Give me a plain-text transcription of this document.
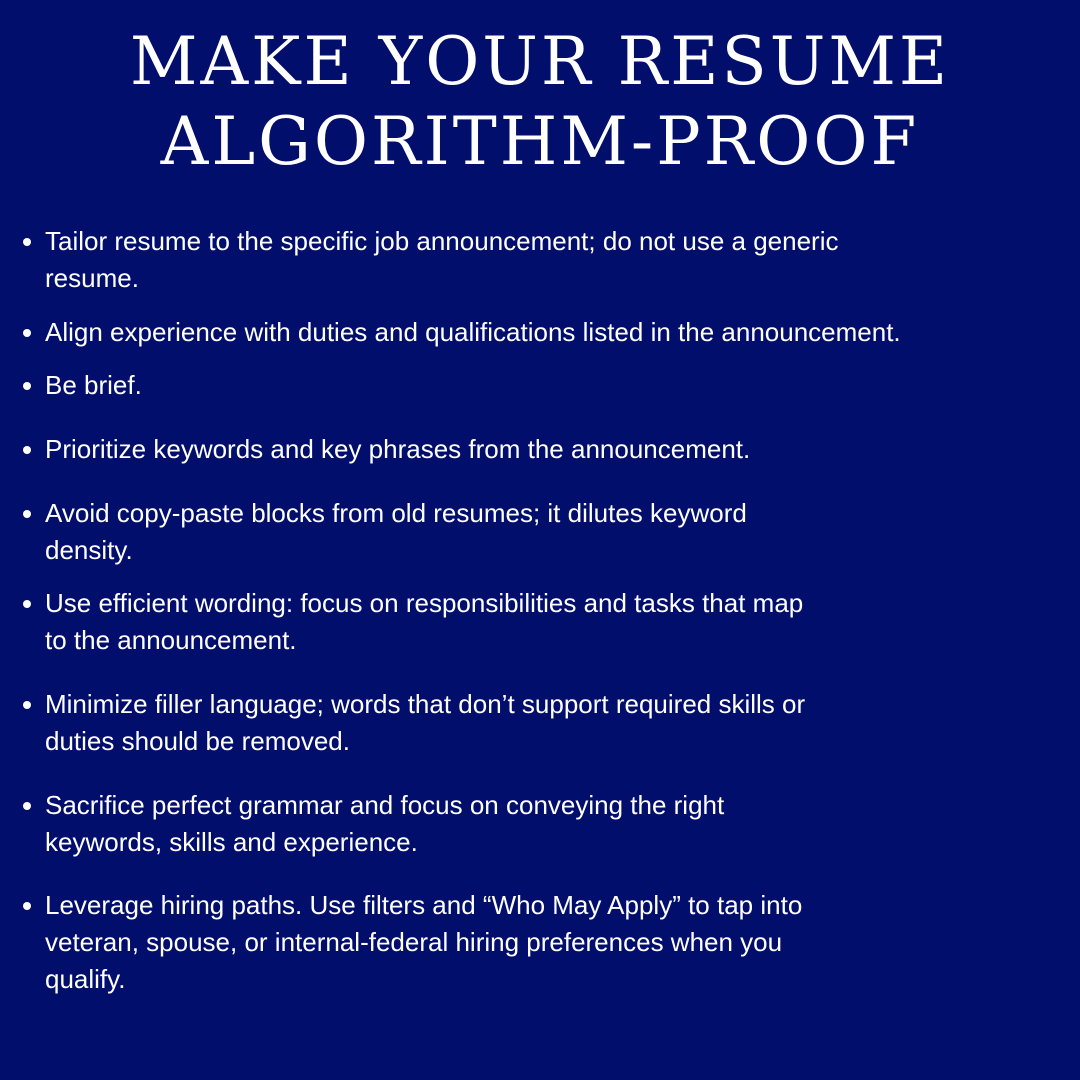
MAKE YOUR RESUME
ALGORITHM-PROOF
Tailor resume to the specific job announcement; do not use a generic
resume.
Align experience with duties and qualifications listed in the announcement.
Be brief.
Prioritize keywords and key phrases from the announcement.
Avoid copy-paste blocks from old resumes; it dilutes keyword
density.
Use efficient wording: focus on responsibilities and tasks that map
to the announcement.
Minimize filler language; words that don’t support required skills or
duties should be removed.
Sacrifice perfect grammar and focus on conveying the right
keywords, skills and experience.
Leverage hiring paths. Use filters and “Who May Apply” to tap into
veteran, spouse, or internal-federal hiring preferences when you
qualify.
